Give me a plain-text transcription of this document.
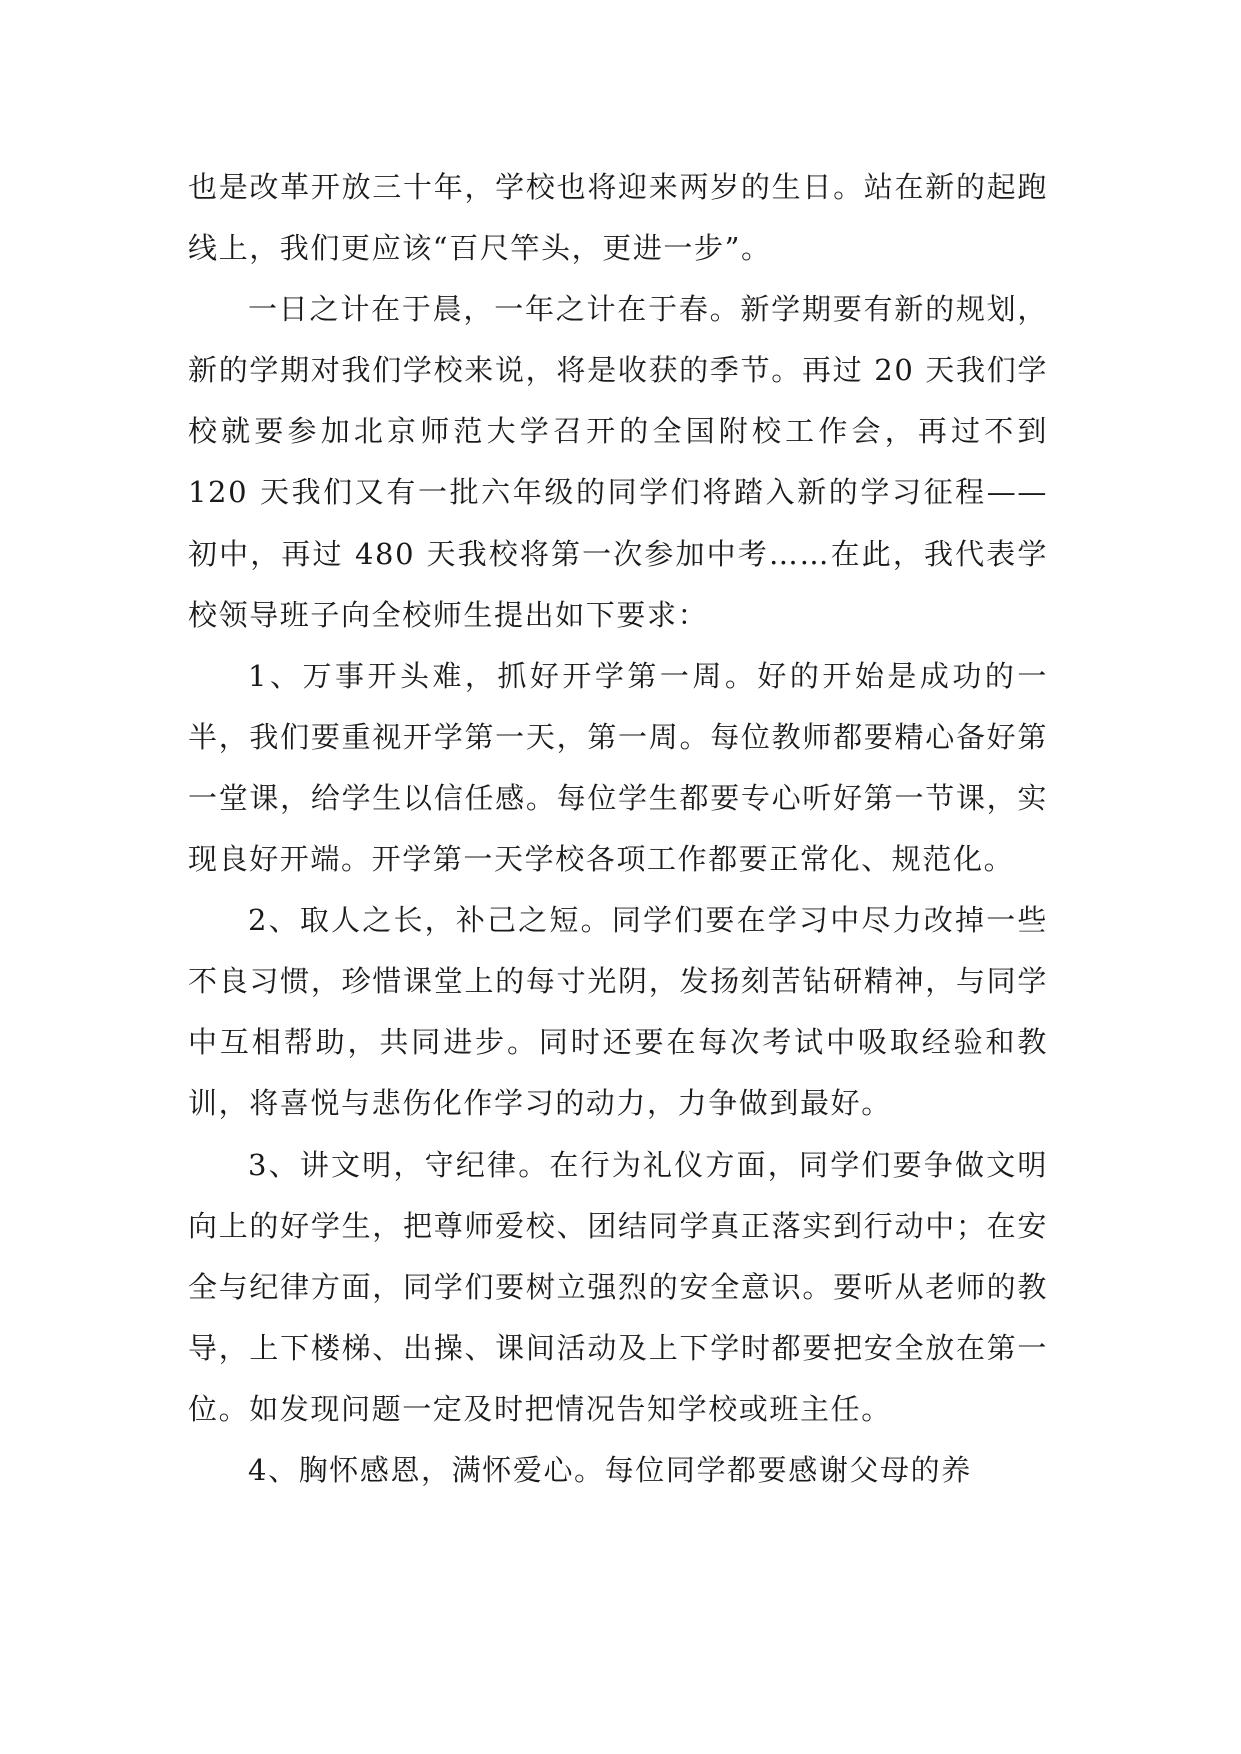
也是改革开放三十年，学校也将迎来两岁的生日。站在新的起跑线上，我们更应该“百尺竿头，更进一步”。

一日之计在于晨，一年之计在于春。新学期要有新的规划，新的学期对我们学校来说，将是收获的季节。再过 20 天我们学校就要参加北京师范大学召开的全国附校工作会，再过不到 120 天我们又有一批六年级的同学们将踏入新的学习征程——初中，再过 480 天我校将第一次参加中考……在此，我代表学校领导班子向全校师生提出如下要求：

1、万事开头难，抓好开学第一周。好的开始是成功的一半，我们要重视开学第一天，第一周。每位教师都要精心备好第一堂课，给学生以信任感。每位学生都要专心听好第一节课，实现良好开端。开学第一天学校各项工作都要正常化、规范化。

2、取人之长，补己之短。同学们要在学习中尽力改掉一些不良习惯，珍惜课堂上的每寸光阴，发扬刻苦钻研精神，与同学中互相帮助，共同进步。同时还要在每次考试中吸取经验和教训，将喜悦与悲伤化作学习的动力，力争做到最好。

3、讲文明，守纪律。在行为礼仪方面，同学们要争做文明向上的好学生，把尊师爱校、团结同学真正落实到行动中；在安全与纪律方面，同学们要树立强烈的安全意识。要听从老师的教导，上下楼梯、出操、课间活动及上下学时都要把安全放在第一位。如发现问题一定及时把情况告知学校或班主任。

4、胸怀感恩，满怀爱心。每位同学都要感谢父母的养
